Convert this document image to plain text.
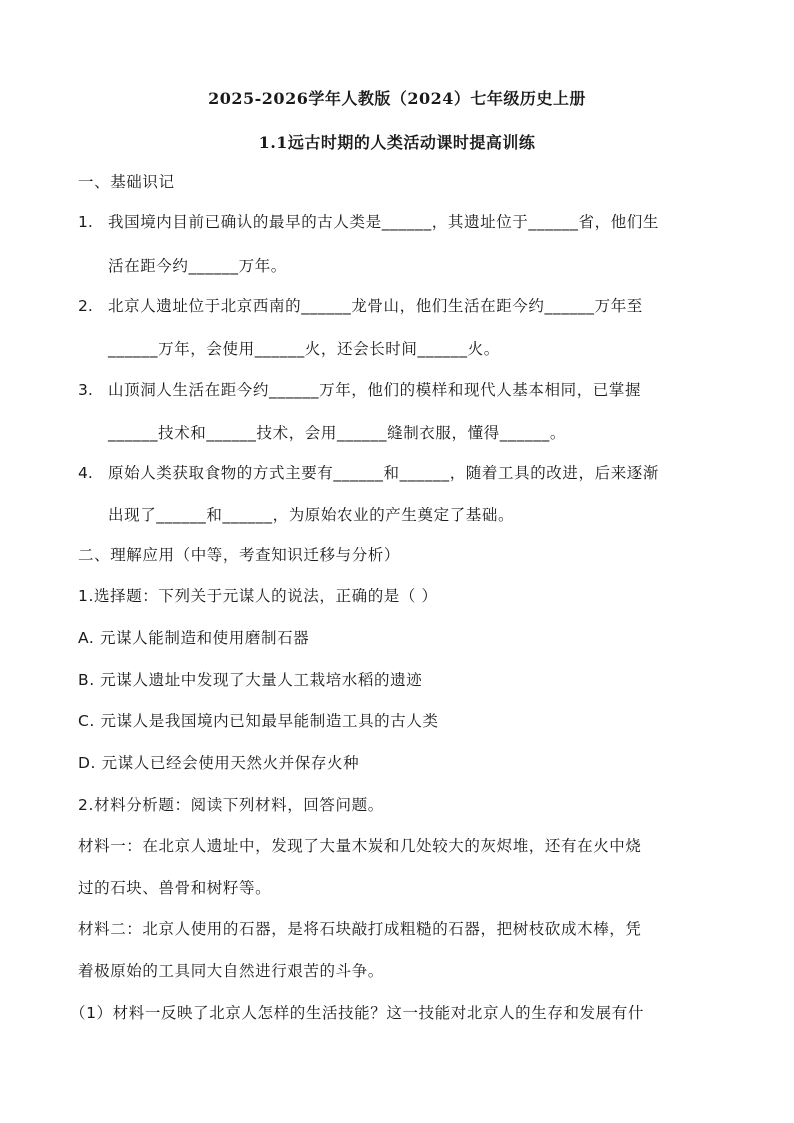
2025-2026学年人教版（2024）七年级历史上册
1.1远古时期的人类活动课时提高训练
一、基础识记
1. 我国境内目前已确认的最早的古人类是______，其遗址位于______省，他们生
活在距今约______万年。
2. 北京人遗址位于北京西南的______龙骨山，他们生活在距今约______万年至
______万年，会使用______火，还会长时间______火。
3. 山顶洞人生活在距今约______万年，他们的模样和现代人基本相同，已掌握
______技术和______技术，会用______缝制衣服，懂得______。
4. 原始人类获取食物的方式主要有______和______，随着工具的改进，后来逐渐
出现了______和______，为原始农业的产生奠定了基础。
二、理解应用（中等，考查知识迁移与分析）
1.选择题：下列关于元谋人的说法，正确的是（ ）
A. 元谋人能制造和使用磨制石器
B. 元谋人遗址中发现了大量人工栽培水稻的遗迹
C. 元谋人是我国境内已知最早能制造工具的古人类
D. 元谋人已经会使用天然火并保存火种
2.材料分析题：阅读下列材料，回答问题。
材料一：在北京人遗址中，发现了大量木炭和几处较大的灰烬堆，还有在火中烧
过的石块、兽骨和树籽等。
材料二：北京人使用的石器，是将石块敲打成粗糙的石器，把树枝砍成木棒，凭
着极原始的工具同大自然进行艰苦的斗争。
（1）材料一反映了北京人怎样的生活技能？这一技能对北京人的生存和发展有什
